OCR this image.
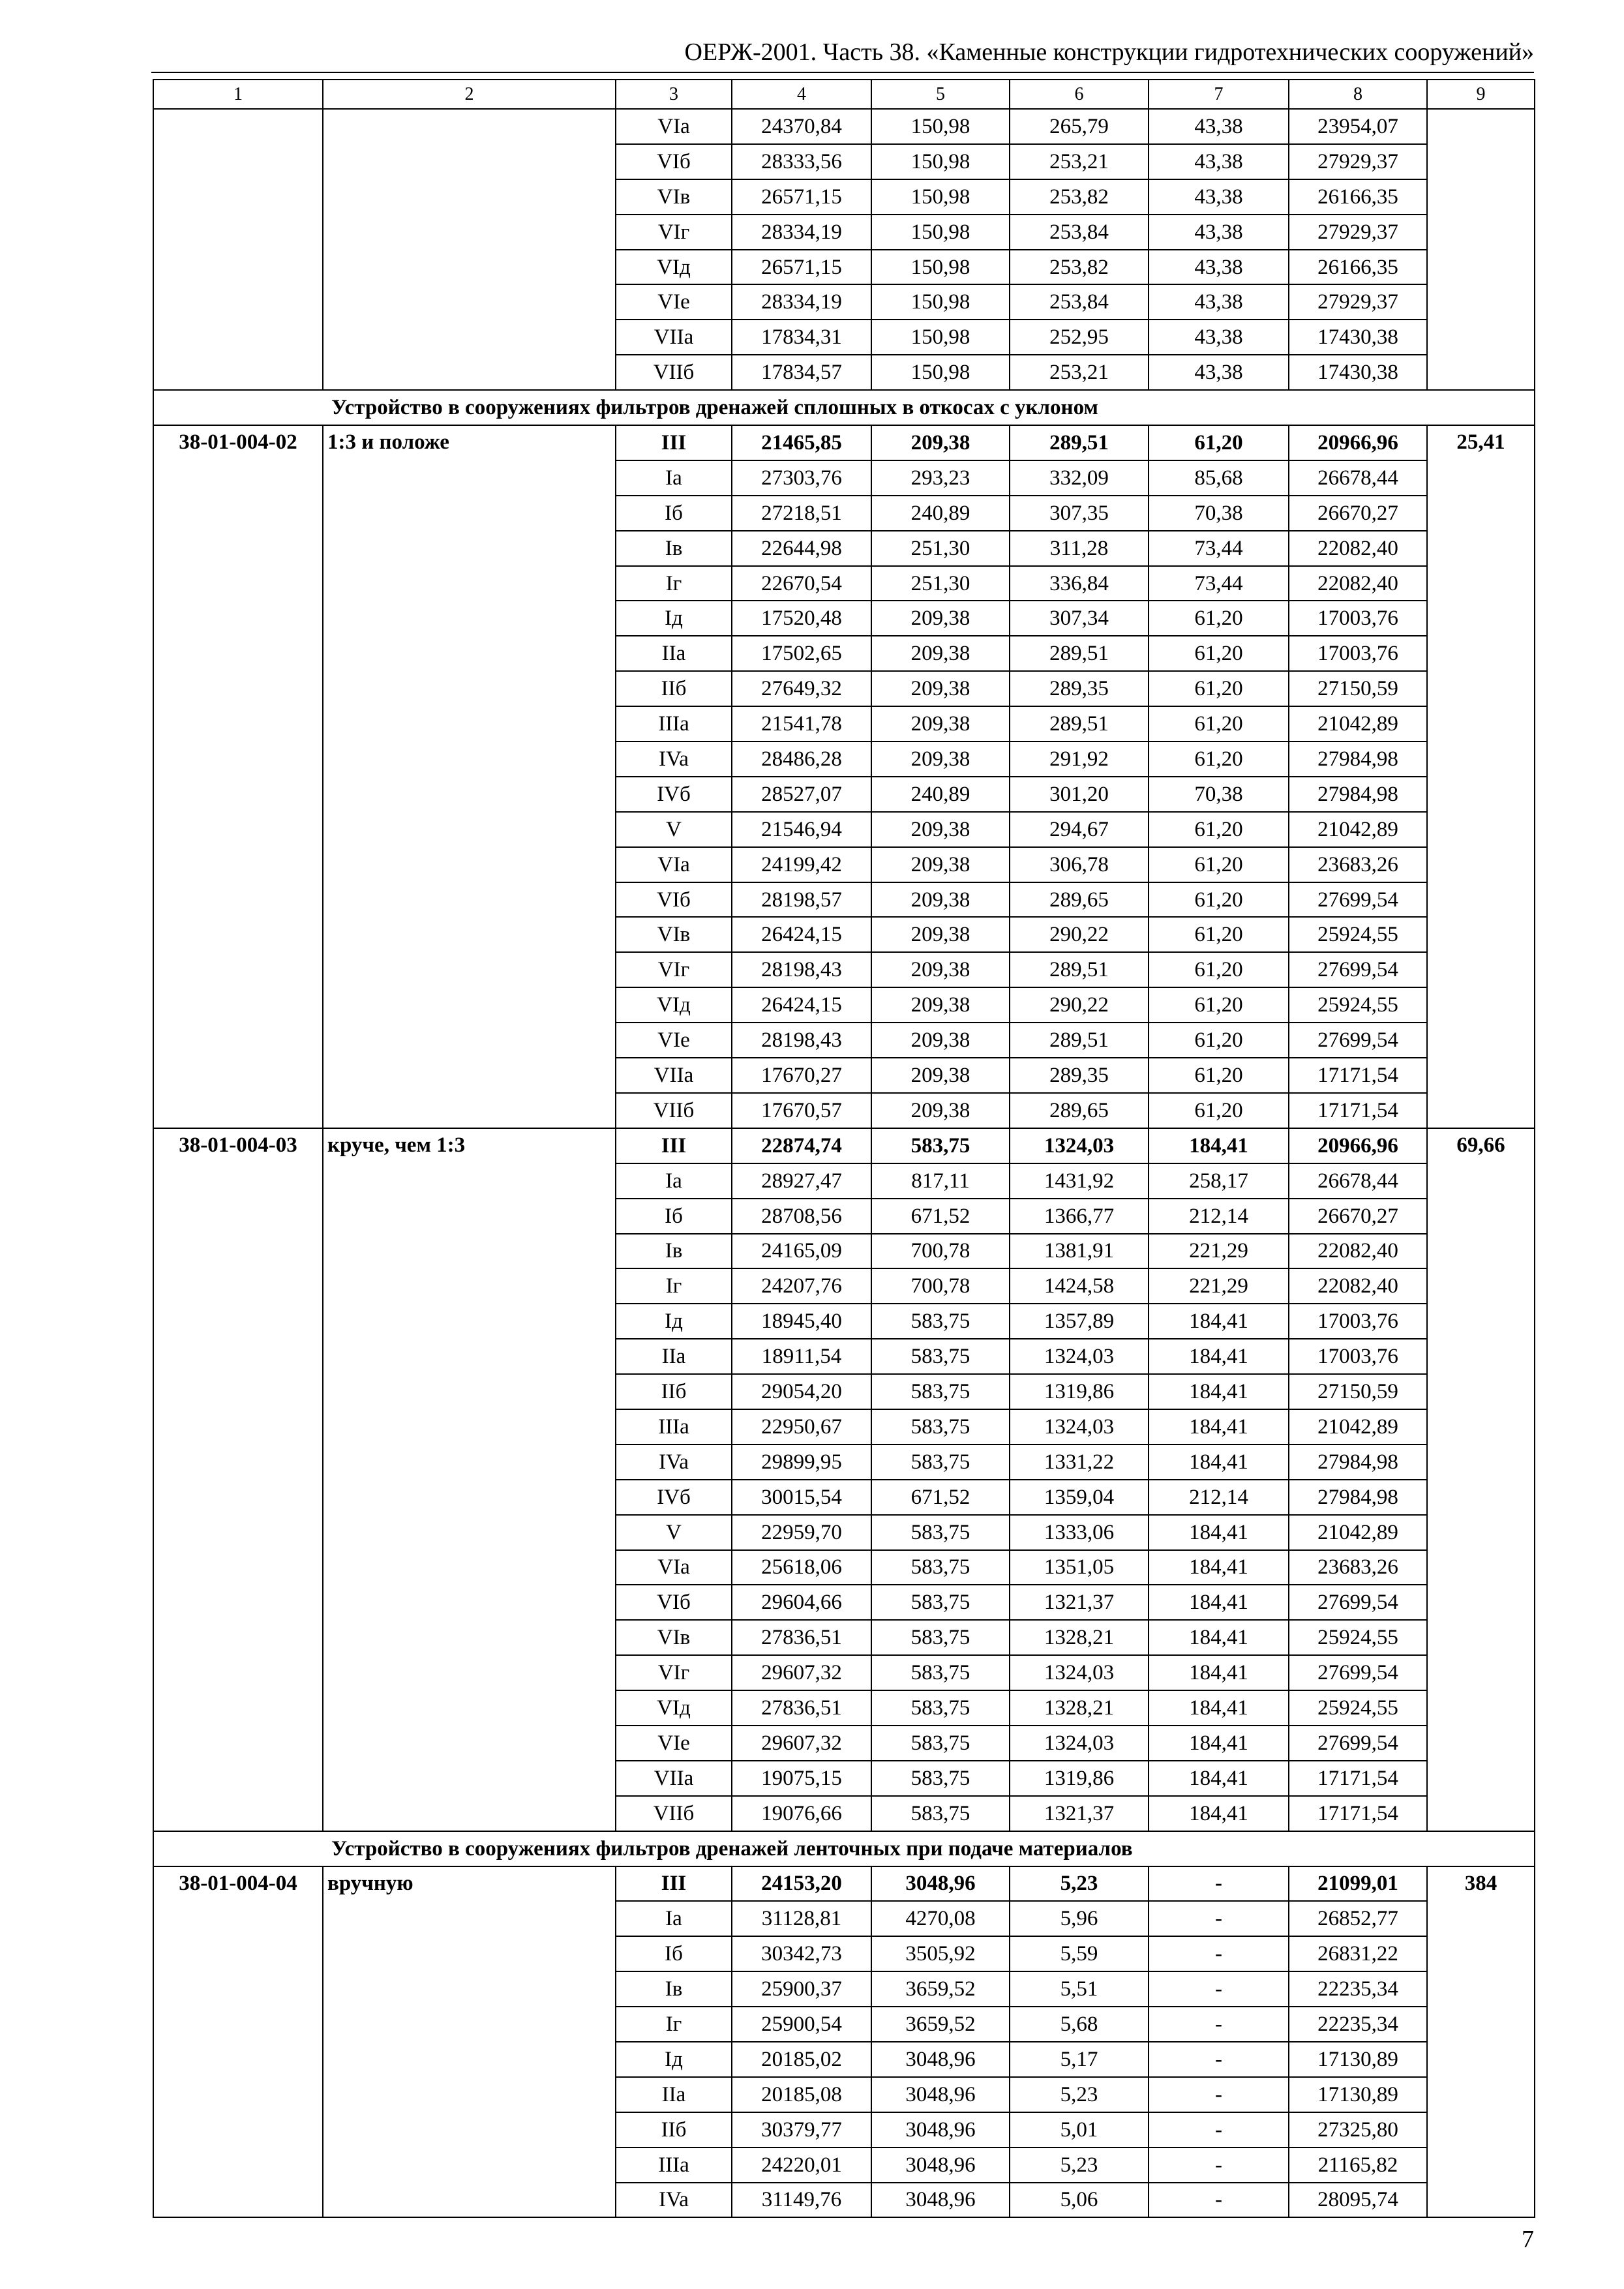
ОЕРЖ-2001. Часть 38. «Каменные конструкции гидротехнических сооружений»
1	2	3	4	5	6	7	8	9
		VIa	24370,84	150,98	265,79	43,38	23954,07	
		VIб	28333,56	150,98	253,21	43,38	27929,37	
		VIв	26571,15	150,98	253,82	43,38	26166,35	
		VIг	28334,19	150,98	253,84	43,38	27929,37	
		VIд	26571,15	150,98	253,82	43,38	26166,35	
		VIe	28334,19	150,98	253,84	43,38	27929,37	
		VIIa	17834,31	150,98	252,95	43,38	17430,38	
		VIIб	17834,57	150,98	253,21	43,38	17430,38	
Устройство в сооружениях фильтров дренажей сплошных в откосах с уклоном								
38-01-004-02	1:3 и положе	III	21465,85	209,38	289,51	61,20	20966,96	25,41
		Ia	27303,76	293,23	332,09	85,68	26678,44	
		Iб	27218,51	240,89	307,35	70,38	26670,27	
		Iв	22644,98	251,30	311,28	73,44	22082,40	
		Iг	22670,54	251,30	336,84	73,44	22082,40	
		Iд	17520,48	209,38	307,34	61,20	17003,76	
		IIa	17502,65	209,38	289,51	61,20	17003,76	
		IIб	27649,32	209,38	289,35	61,20	27150,59	
		IIIa	21541,78	209,38	289,51	61,20	21042,89	
		IVa	28486,28	209,38	291,92	61,20	27984,98	
		IVб	28527,07	240,89	301,20	70,38	27984,98	
		V	21546,94	209,38	294,67	61,20	21042,89	
		VIa	24199,42	209,38	306,78	61,20	23683,26	
		VIб	28198,57	209,38	289,65	61,20	27699,54	
		VIв	26424,15	209,38	290,22	61,20	25924,55	
		VIг	28198,43	209,38	289,51	61,20	27699,54	
		VIд	26424,15	209,38	290,22	61,20	25924,55	
		VIe	28198,43	209,38	289,51	61,20	27699,54	
		VIIa	17670,27	209,38	289,35	61,20	17171,54	
		VIIб	17670,57	209,38	289,65	61,20	17171,54	
38-01-004-03	круче, чем 1:3	III	22874,74	583,75	1324,03	184,41	20966,96	69,66
		Ia	28927,47	817,11	1431,92	258,17	26678,44	
		Iб	28708,56	671,52	1366,77	212,14	26670,27	
		Iв	24165,09	700,78	1381,91	221,29	22082,40	
		Iг	24207,76	700,78	1424,58	221,29	22082,40	
		Iд	18945,40	583,75	1357,89	184,41	17003,76	
		IIa	18911,54	583,75	1324,03	184,41	17003,76	
		IIб	29054,20	583,75	1319,86	184,41	27150,59	
		IIIa	22950,67	583,75	1324,03	184,41	21042,89	
		IVa	29899,95	583,75	1331,22	184,41	27984,98	
		IVб	30015,54	671,52	1359,04	212,14	27984,98	
		V	22959,70	583,75	1333,06	184,41	21042,89	
		VIa	25618,06	583,75	1351,05	184,41	23683,26	
		VIб	29604,66	583,75	1321,37	184,41	27699,54	
		VIв	27836,51	583,75	1328,21	184,41	25924,55	
		VIг	29607,32	583,75	1324,03	184,41	27699,54	
		VIд	27836,51	583,75	1328,21	184,41	25924,55	
		VIe	29607,32	583,75	1324,03	184,41	27699,54	
		VIIa	19075,15	583,75	1319,86	184,41	17171,54	
		VIIб	19076,66	583,75	1321,37	184,41	17171,54	
Устройство в сооружениях фильтров дренажей ленточных при подаче материалов								
38-01-004-04	вручную	III	24153,20	3048,96	5,23	-	21099,01	384
		Ia	31128,81	4270,08	5,96	-	26852,77	
		Iб	30342,73	3505,92	5,59	-	26831,22	
		Iв	25900,37	3659,52	5,51	-	22235,34	
		Iг	25900,54	3659,52	5,68	-	22235,34	
		Iд	20185,02	3048,96	5,17	-	17130,89	
		IIa	20185,08	3048,96	5,23	-	17130,89	
		IIб	30379,77	3048,96	5,01	-	27325,80	
		IIIa	24220,01	3048,96	5,23	-	21165,82	
		IVa	31149,76	3048,96	5,06	-	28095,74	
7
